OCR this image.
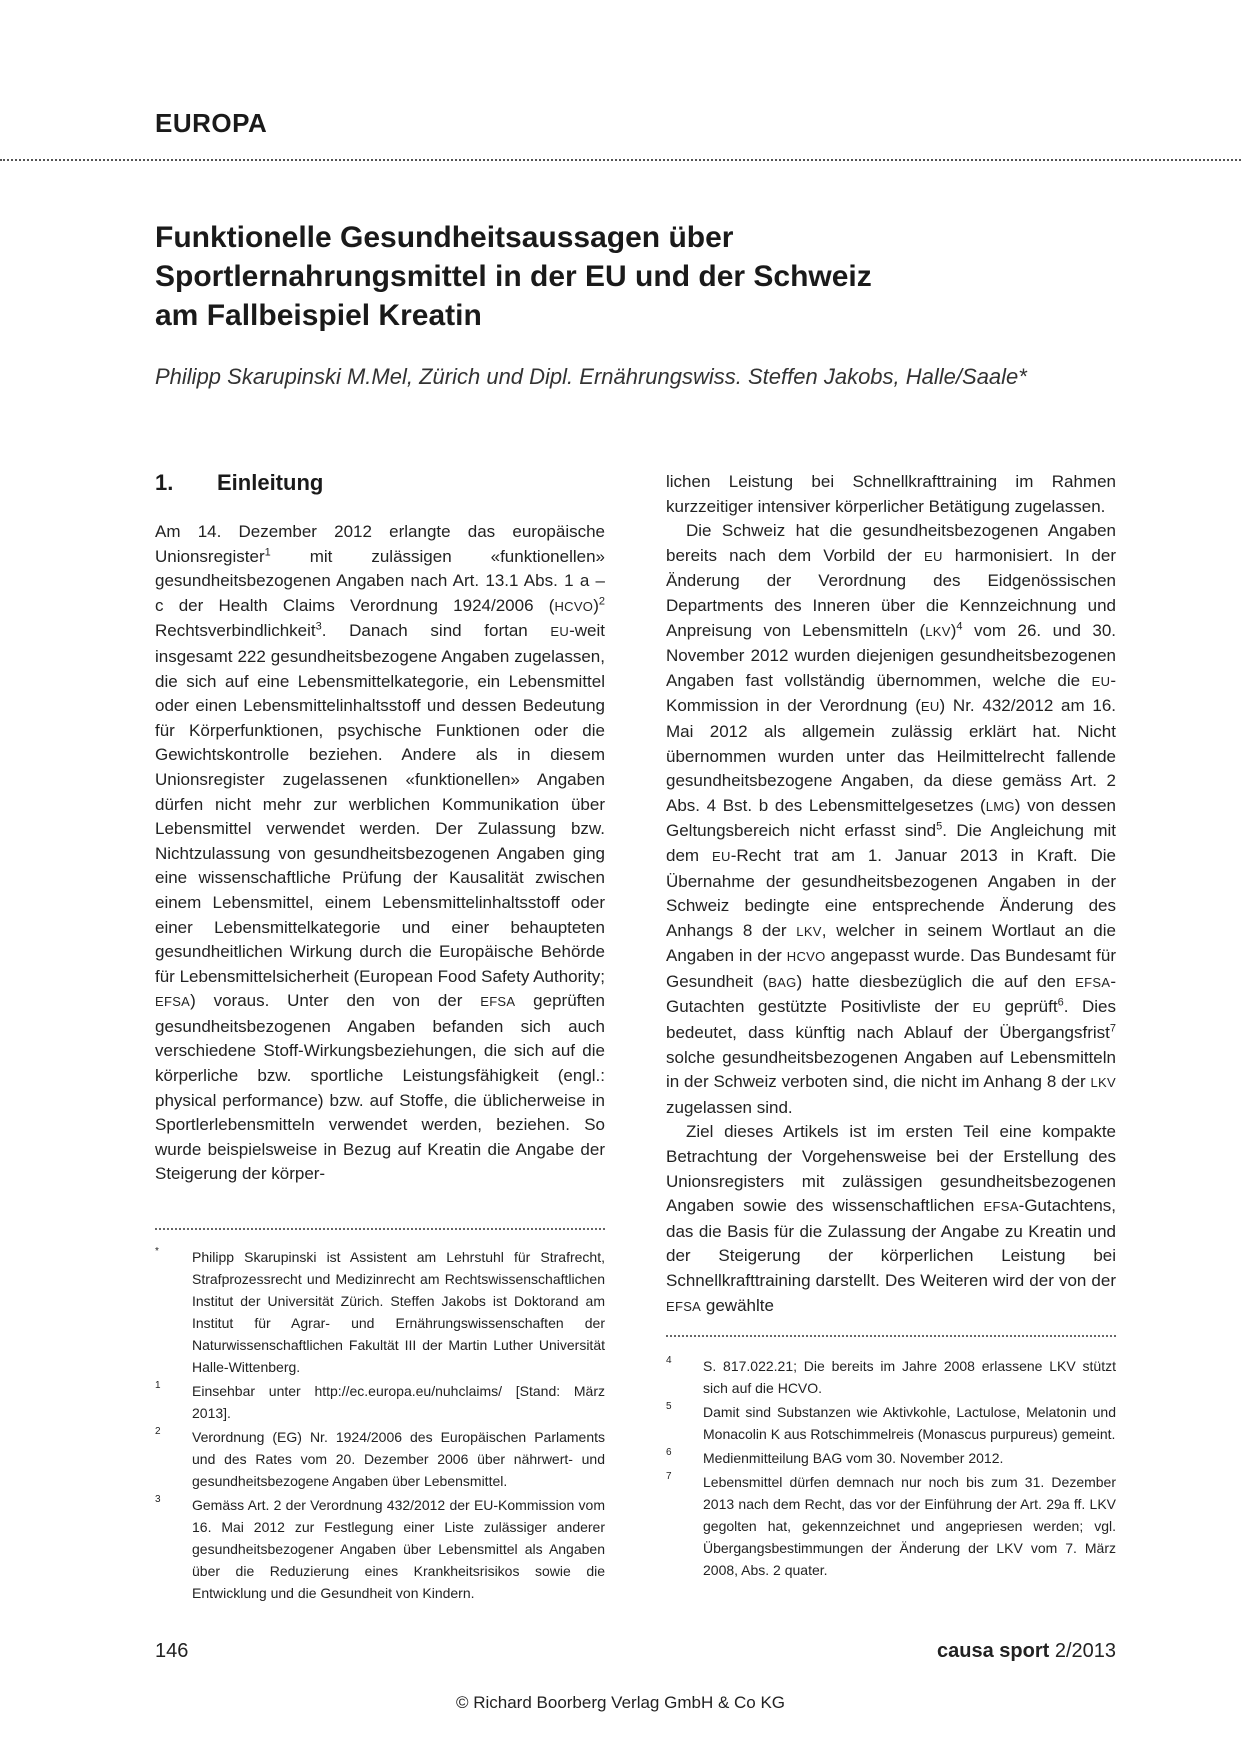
EUROPA
Funktionelle Gesundheitsaussagen über
Sportlernahrungsmittel in der EU und der Schweiz
am Fallbeispiel Kreatin
Philipp Skarupinski M.Mel, Zürich und Dipl. Ernährungswiss. Steffen Jakobs, Halle/Saale*
1. Einleitung

Am 14. Dezember 2012 erlangte das europäische Unionsregister$^1$ mit zulässigen «funktionellen» gesundheitsbezogenen Angaben nach Art. 13.1 Abs. 1 a – c der Health Claims Verordnung 1924/2006 (HCVO)$^2$ Rechtsverbindlichkeit$^3$. Danach sind fortan EU-weit insgesamt 222 gesundheitsbezogene Angaben zugelassen, die sich auf eine Lebensmittelkategorie, ein Lebensmittel oder einen Lebensmittelinhaltsstoff und dessen Bedeutung für Körperfunktionen, psychische Funktionen oder die Gewichtskontrolle beziehen. Andere als in diesem Unionsregister zugelassenen «funktionellen» Angaben dürfen nicht mehr zur werblichen Kommunikation über Lebensmittel verwendet werden. Der Zulassung bzw. Nichtzulassung von gesundheitsbezogenen Angaben ging eine wissenschaftliche Prüfung der Kausalität zwischen einem Lebensmittel, einem Lebensmittelinhaltsstoff oder einer Lebensmittelkategorie und einer behaupteten gesundheitlichen Wirkung durch die Europäische Behörde für Lebensmittelsicherheit (European Food Safety Authority; EFSA) voraus. Unter den von der EFSA geprüften gesundheitsbezogenen Angaben befanden sich auch verschiedene Stoff-Wirkungsbeziehungen, die sich auf die körperliche bzw. sportliche Leistungsfähigkeit (engl.: physical performance) bzw. auf Stoffe, die üblicherweise in Sportlerlebensmitteln verwendet werden, beziehen. So wurde beispielsweise in Bezug auf Kreatin die Angabe der Steigerung der körper-

lichen Leistung bei Schnellkrafttraining im Rahmen kurzzeitiger intensiver körperlicher Betätigung zugelassen.

Die Schweiz hat die gesundheitsbezogenen Angaben bereits nach dem Vorbild der EU harmonisiert. In der Änderung der Verordnung des Eidgenössischen Departments des Inneren über die Kennzeichnung und Anpreisung von Lebensmitteln (LKV)$^4$ vom 26. und 30. November 2012 wurden diejenigen gesundheitsbezogenen Angaben fast vollständig übernommen, welche die EU-Kommission in der Verordnung (EU) Nr. 432/2012 am 16. Mai 2012 als allgemein zulässig erklärt hat. Nicht übernommen wurden unter das Heilmittelrecht fallende gesundheitsbezogene Angaben, da diese gemäss Art. 2 Abs. 4 Bst. b des Lebensmittelgesetzes (LMG) von dessen Geltungsbereich nicht erfasst sind$^5$. Die Angleichung mit dem EU-Recht trat am 1. Januar 2013 in Kraft. Die Übernahme der gesundheitsbezogenen Angaben in der Schweiz bedingte eine entsprechende Änderung des Anhangs 8 der LKV, welcher in seinem Wortlaut an die Angaben in der HCVO angepasst wurde. Das Bundesamt für Gesundheit (BAG) hatte diesbezüglich die auf den EFSA-Gutachten gestützte Positivliste der EU geprüft$^6$. Dies bedeutet, dass künftig nach Ablauf der Übergangsfrist$^7$ solche gesundheitsbezogenen Angaben auf Lebensmitteln in der Schweiz verboten sind, die nicht im Anhang 8 der LKV zugelassen sind.

Ziel dieses Artikels ist im ersten Teil eine kompakte Betrachtung der Vorgehensweise bei der Erstellung des Unionsregisters mit zulässigen gesundheitsbezogenen Angaben sowie des wissenschaftlichen EFSA-Gutachtens, das die Basis für die Zulassung der Angabe zu Kreatin und der Steigerung der körperlichen Leistung bei Schnellkrafttraining darstellt. Des Weiteren wird der von der EFSA gewählte

*	Philipp Skarupinski ist Assistent am Lehrstuhl für Strafrecht, Strafprozessrecht und Medizinrecht am Rechtswissenschaftlichen Institut der Universität Zürich. Steffen Jakobs ist Doktorand am Institut für Agrar- und Ernährungswissenschaften der Naturwissenschaftlichen Fakultät III der Martin Luther Universität Halle-Wittenberg.
1	Einsehbar unter http://ec.europa.eu/nuhclaims/ [Stand: März 2013].
2	Verordnung (EG) Nr. 1924/2006 des Europäischen Parlaments und des Rates vom 20. Dezember 2006 über nährwert- und gesundheitsbezogene Angaben über Lebensmittel.
3	Gemäss Art. 2 der Verordnung 432/2012 der EU-Kommission vom 16. Mai 2012 zur Festlegung einer Liste zulässiger anderer gesundheitsbezogener Angaben über Lebensmittel als Angaben über die Reduzierung eines Krankheitsrisikos sowie die Entwicklung und die Gesundheit von Kindern.
4	S. 817.022.21; Die bereits im Jahre 2008 erlassene LKV stützt sich auf die HCVO.
5	Damit sind Substanzen wie Aktivkohle, Lactulose, Melatonin und Monacolin K aus Rotschimmelreis (Monascus purpureus) gemeint.
6	Medienmitteilung BAG vom 30. November 2012.
7	Lebensmittel dürfen demnach nur noch bis zum 31. Dezember 2013 nach dem Recht, das vor der Einführung der Art. 29a ff. LKV gegolten hat, gekennzeichnet und angepriesen werden; vgl. Übergangsbestimmungen der Änderung der LKV vom 7. März 2008, Abs. 2 quater.
146	causa sport 2/2013
© Richard Boorberg Verlag GmbH & Co KG
